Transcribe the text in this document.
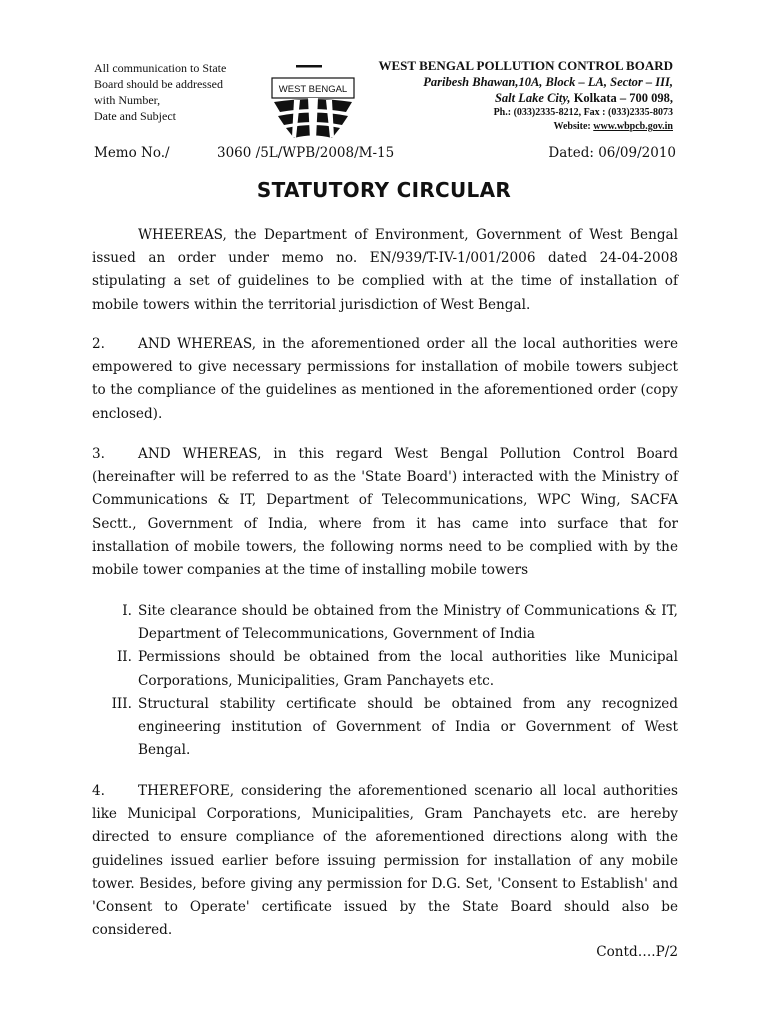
All communication to State
Board should be addressed
with Number,
Date and Subject
WEST BENGAL
WEST BENGAL POLLUTION CONTROL BOARD
Paribesh Bhawan,10A, Block – LA, Sector – III,
Salt Lake City, Kolkata – 700 098,
Ph.: (033)2335-8212, Fax : (033)2335-8073
Website: www.wbpcb.gov.in
Memo No./	3060 /5L/WPB/2008/M-15	Dated: 06/09/2010
STATUTORY CIRCULAR
WHEEREAS, the Department of Environment, Government of West Bengal issued an order under memo no. EN/939/T-IV-1/001/2006 dated 24-04-2008 stipulating a set of guidelines to be complied with at the time of installation of mobile towers within the territorial jurisdiction of West Bengal.
2. AND WHEREAS, in the aforementioned order all the local authorities were empowered to give necessary permissions for installation of mobile towers subject to the compliance of the guidelines as mentioned in the aforementioned order (copy enclosed).
3. AND WHEREAS, in this regard West Bengal Pollution Control Board (hereinafter will be referred to as the 'State Board') interacted with the Ministry of Communications & IT, Department of Telecommunications, WPC Wing, SACFA Sectt., Government of India, where from it has came into surface that for installation of mobile towers, the following norms need to be complied with by the mobile tower companies at the time of installing mobile towers
I. Site clearance should be obtained from the Ministry of Communications & IT, Department of Telecommunications, Government of India
II. Permissions should be obtained from the local authorities like Municipal Corporations, Municipalities, Gram Panchayets etc.
III. Structural stability certificate should be obtained from any recognized engineering institution of Government of India or Government of West Bengal.
4. THEREFORE, considering the aforementioned scenario all local authorities like Municipal Corporations, Municipalities, Gram Panchayets etc. are hereby directed to ensure compliance of the aforementioned directions along with the guidelines issued earlier before issuing permission for installation of any mobile tower. Besides, before giving any permission for D.G. Set, 'Consent to Establish' and 'Consent to Operate' certificate issued by the State Board should also be considered.
Contd….P/2
